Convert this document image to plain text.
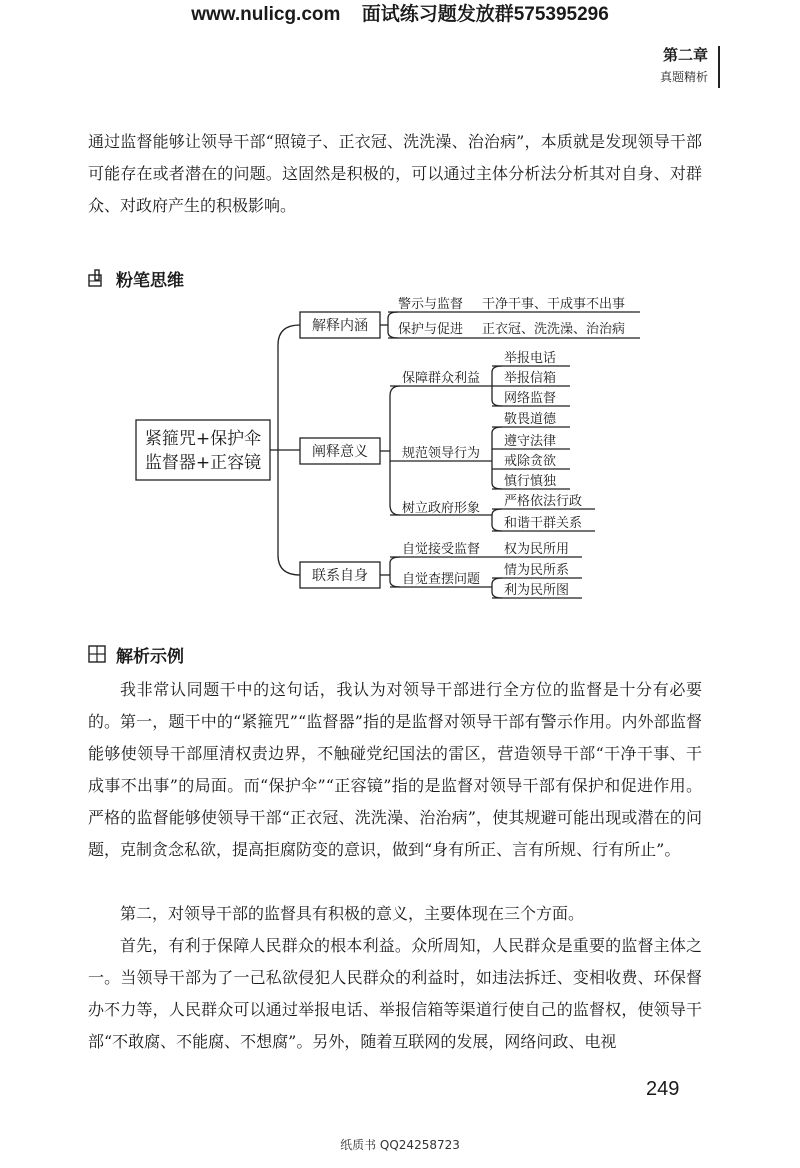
www.nulicg.com 面试练习题发放群575395296
第二章
真题精析
通过监督能够让领导干部“照镜子、正衣冠、洗洗澡、治治病”，本质就是发现领导干部可能存在或者潜在的问题。这固然是积极的，可以通过主体分析法分析其对自身、对群众、对政府产生的积极影响。
粉笔思维
紧箍咒+保护伞
监督器+正容镜
解释内涵
阐释意义
联系自身
警示与监督 干净干事、干成事不出事
保护与促进 正衣冠、洗洗澡、治治病
保障群众利益
规范领导行为
树立政府形象
举报电话
举报信箱
网络监督
敬畏道德
遵守法律
戒除贪欲
慎行慎独
严格依法行政
和谐干群关系
自觉接受监督 权为民所用
自觉查摆问题
情为民所系
利为民所图
解析示例
我非常认同题干中的这句话，我认为对领导干部进行全方位的监督是十分有必要的。 第一，题干中的“紧箍咒”“监督器”指的是监督对领导干部有警示作用。内外部监督能够使领导干部厘清权责边界，不触碰党纪国法的雷区，营造领导干部“干净干事、干成事不出事”的局面。而“保护伞”“正容镜”指的是监督对领导干部有保护和促进作用。严格的监督能够使领导干部“正衣冠、洗洗澡、治治病”，使其规避可能出现或潜在的问题，克制贪念私欲，提高拒腐防变的意识，做到“身有所正、言有所规、行有所止”。
第二，对领导干部的监督具有积极的意义，主要体现在三个方面。
首先，有利于保障人民群众的根本利益。众所周知，人民群众是重要的监督主体之一。当领导干部为了一己私欲侵犯人民群众的利益时，如违法拆迁、变相收费、环保督办不力等，人民群众可以通过举报电话、举报信箱等渠道行使自己的监督权，使领导干部“不敢腐、不能腐、不想腐”。另外，随着互联网的发展，网络问政、电视
249
纸质书 QQ24258723
